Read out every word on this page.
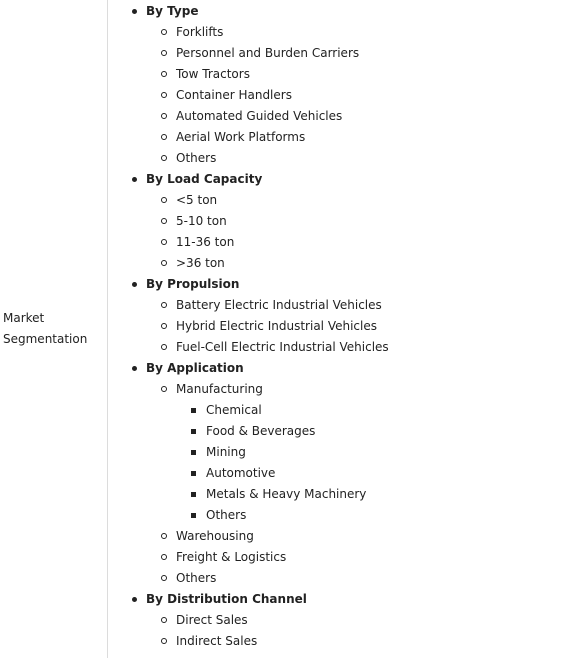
Market
Segmentation
By Type
Forklifts
Personnel and Burden Carriers
Tow Tractors
Container Handlers
Automated Guided Vehicles
Aerial Work Platforms
Others
By Load Capacity
<5 ton
5-10 ton
11-36 ton
>36 ton
By Propulsion
Battery Electric Industrial Vehicles
Hybrid Electric Industrial Vehicles
Fuel-Cell Electric Industrial Vehicles
By Application
Manufacturing
Chemical
Food & Beverages
Mining
Automotive
Metals & Heavy Machinery
Others
Warehousing
Freight & Logistics
Others
By Distribution Channel
Direct Sales
Indirect Sales
